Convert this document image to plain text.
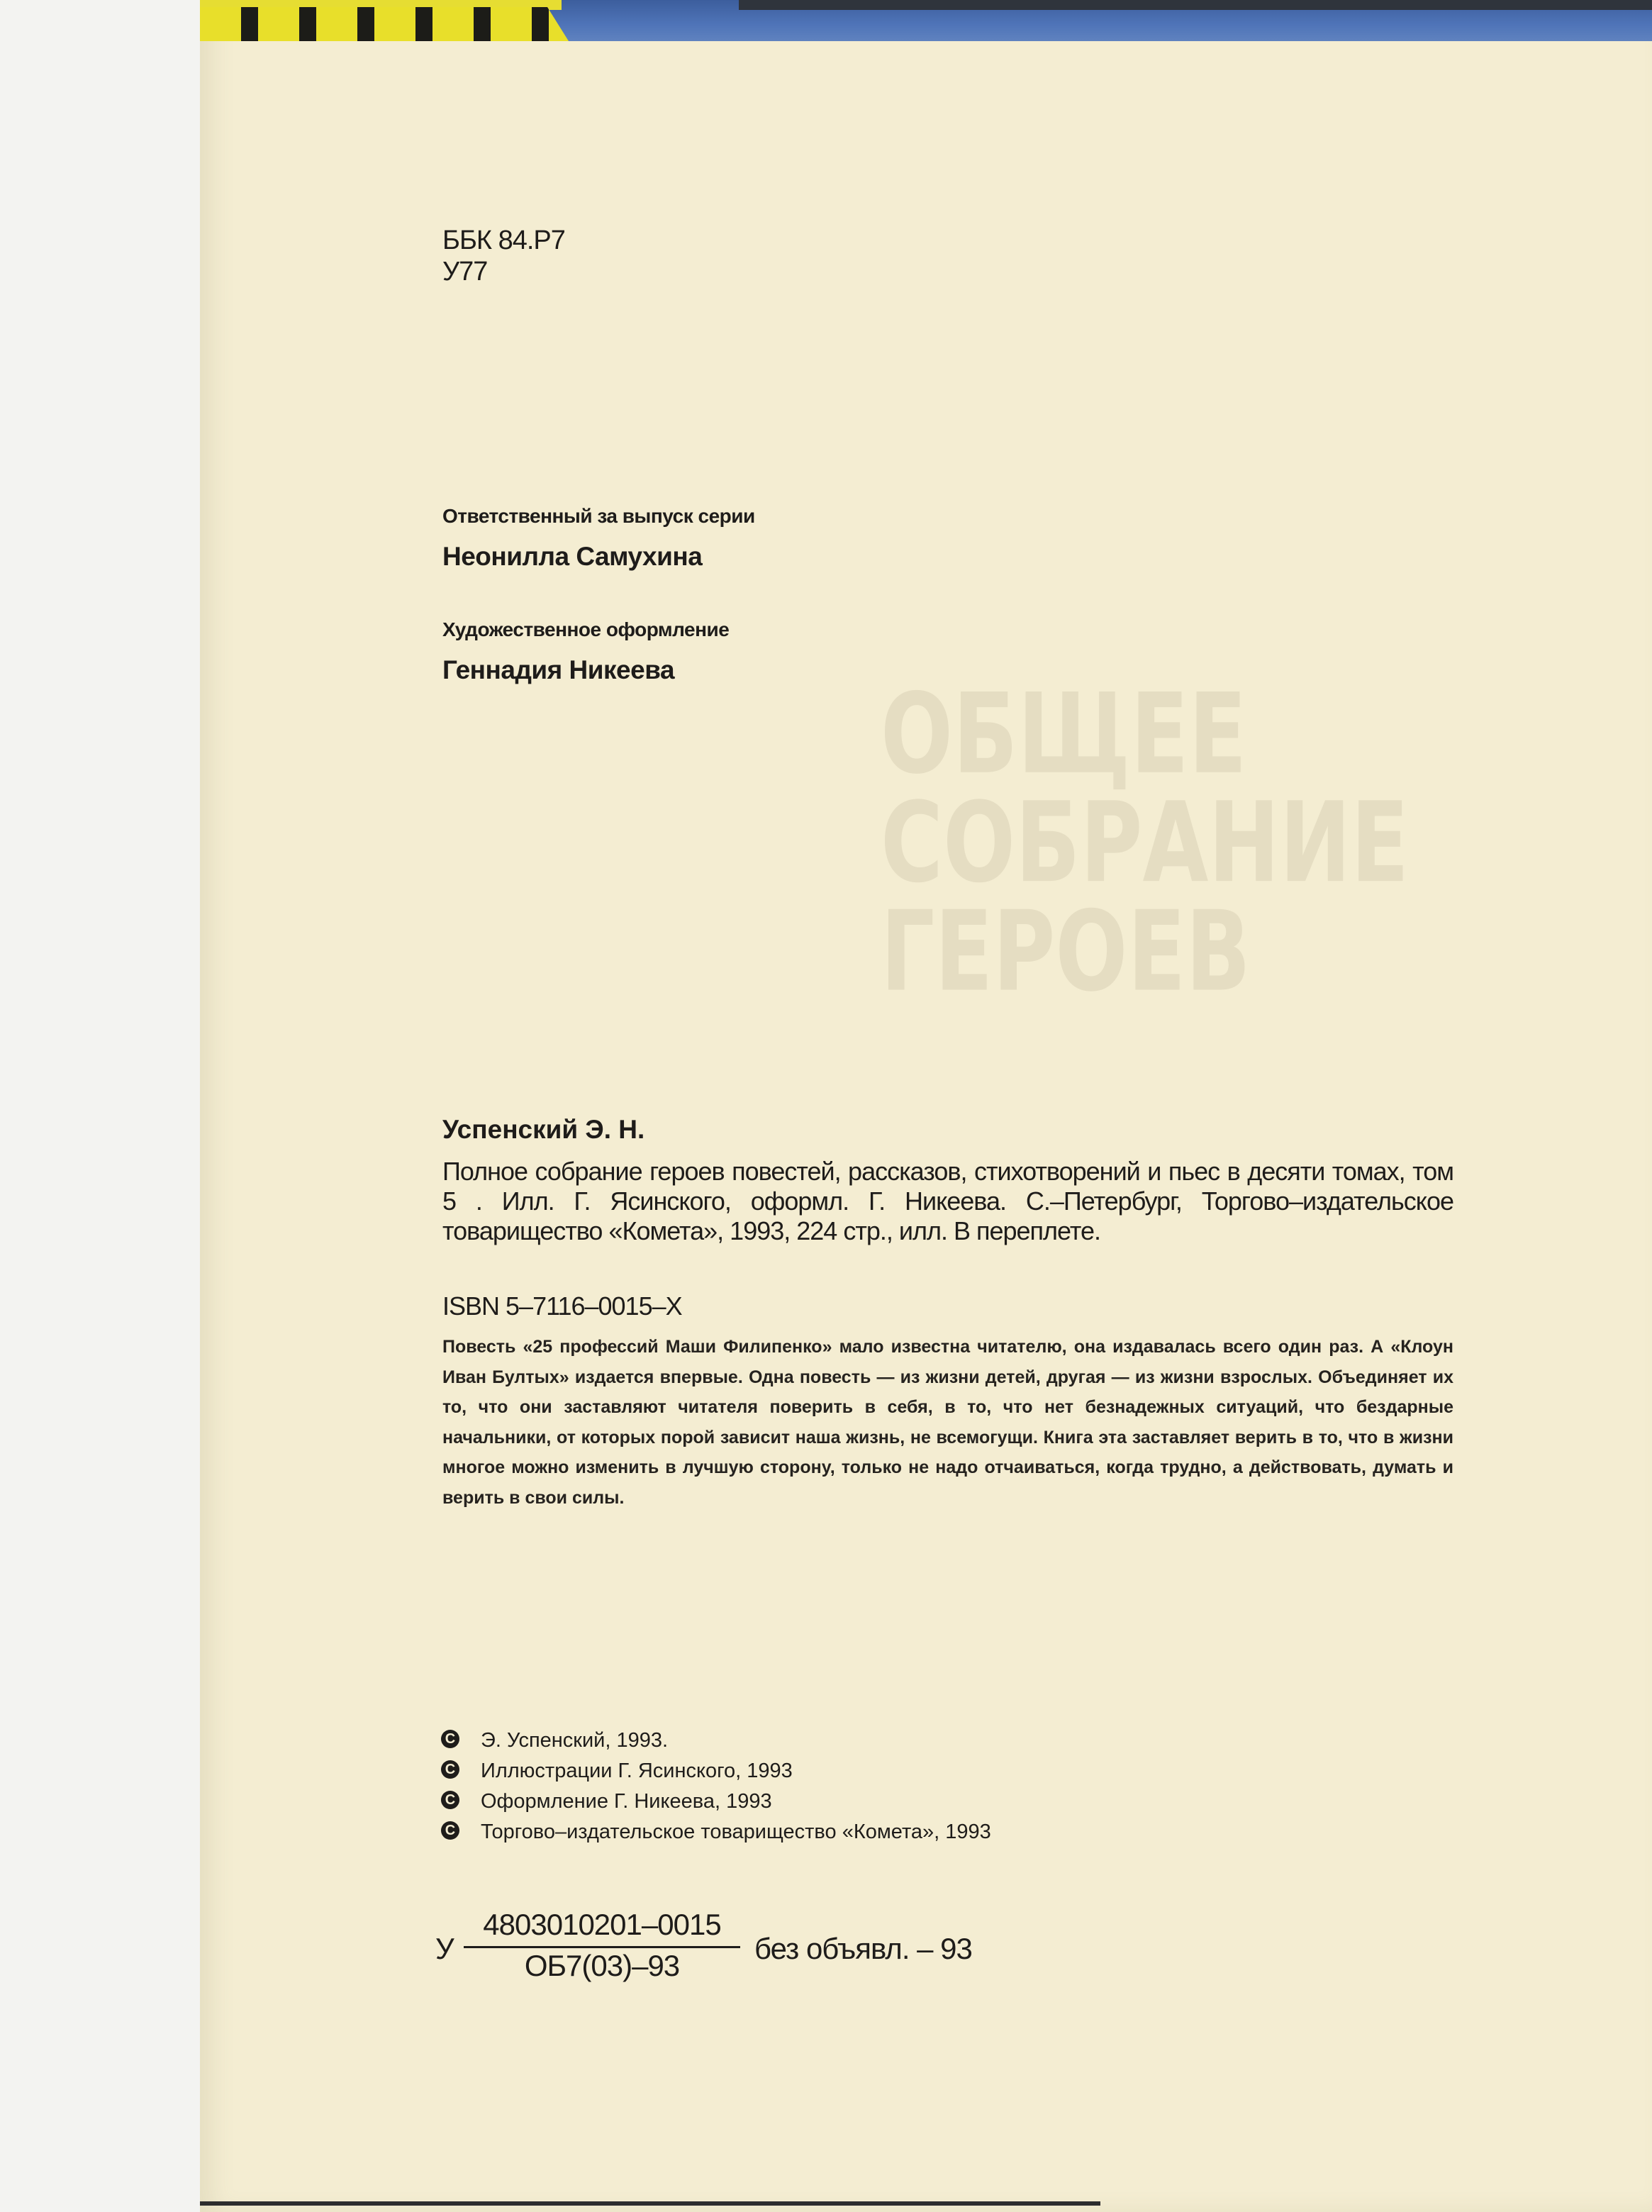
ОБЩЕЕ
СОБРАНИЕ
ГЕРОЕВ
ББК 84.Р7
У77
Ответственный за выпуск серии
Неонилла Самухина
Художественное оформление
Геннадия Никеева
Успенский Э. Н.
Полное собрание героев повестей, рассказов, стихотворений и пьес в десяти томах, том 5 . Илл. Г. Ясинского, оформл. Г. Никеева. С.–Петербург, Торгово–издательское товарищество «Комета», 1993, 224 стр., илл. В переплете.
ISBN 5–7116–0015–X
Повесть «25 профессий Маши Филипенко» мало известна читателю, она издавалась всего один раз. А «Клоун Иван Бултых» издается впервые. Одна повесть — из жизни детей, другая — из жизни взрослых. Объединяет их то, что они заставляют читателя поверить в себя, в то, что нет безнадежных ситуаций, что бездарные начальники, от которых порой зависит наша жизнь, не всемогущи. Книга эта заставляет верить в то, что в жизни многое можно изменить в лучшую сторону, только не надо отчаиваться, когда трудно, а действовать, думать и верить в свои силы.
C Э. Успенский, 1993.
C Иллюстрации Г. Ясинского, 1993
C Оформление Г. Никеева, 1993
C Торгово–издательское товарищество «Комета», 1993
У
4803010201–0015
ОБ7(03)–93
без объявл. – 93
